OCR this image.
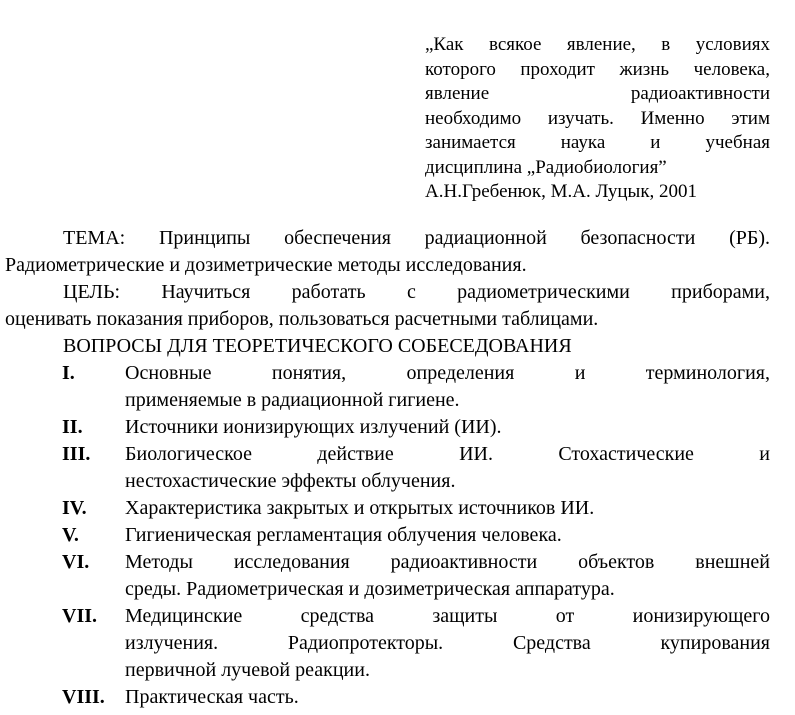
„Как всякое явление, в условиях
которого проходит жизнь человека,
явление радиоактивности
необходимо изучать. Именно этим
занимается наука и учебная
дисциплина „Радиобиология”
А.Н.Гребенюк, М.А. Луцык, 2001
ТЕМА: Принципы обеспечения радиационной безопасности (РБ).
Радиометрические и дозиметрические методы исследования.
ЦЕЛЬ: Научиться работать с радиометрическими приборами,
оценивать показания приборов, пользоваться расчетными таблицами.
ВОПРОСЫ ДЛЯ ТЕОРЕТИЧЕСКОГО СОБЕСЕДОВАНИЯ
I.	Основные понятия, определения и терминология,
применяемые в радиационной гигиене.
II. Источники ионизирующих излучений (ИИ).
III. Биологическое действие ИИ. Стохастические и
нестохастические эффекты облучения.
IV. Характеристика закрытых и открытых источников ИИ.
V. Гигиеническая регламентация облучения человека.
VI. Методы исследования радиоактивности объектов внешней
среды. Радиометрическая и дозиметрическая аппаратура.
VII. Медицинские средства защиты от ионизирующего
излучения. Радиопротекторы. Средства купирования
первичной лучевой реакции.
VIII. Практическая часть.
